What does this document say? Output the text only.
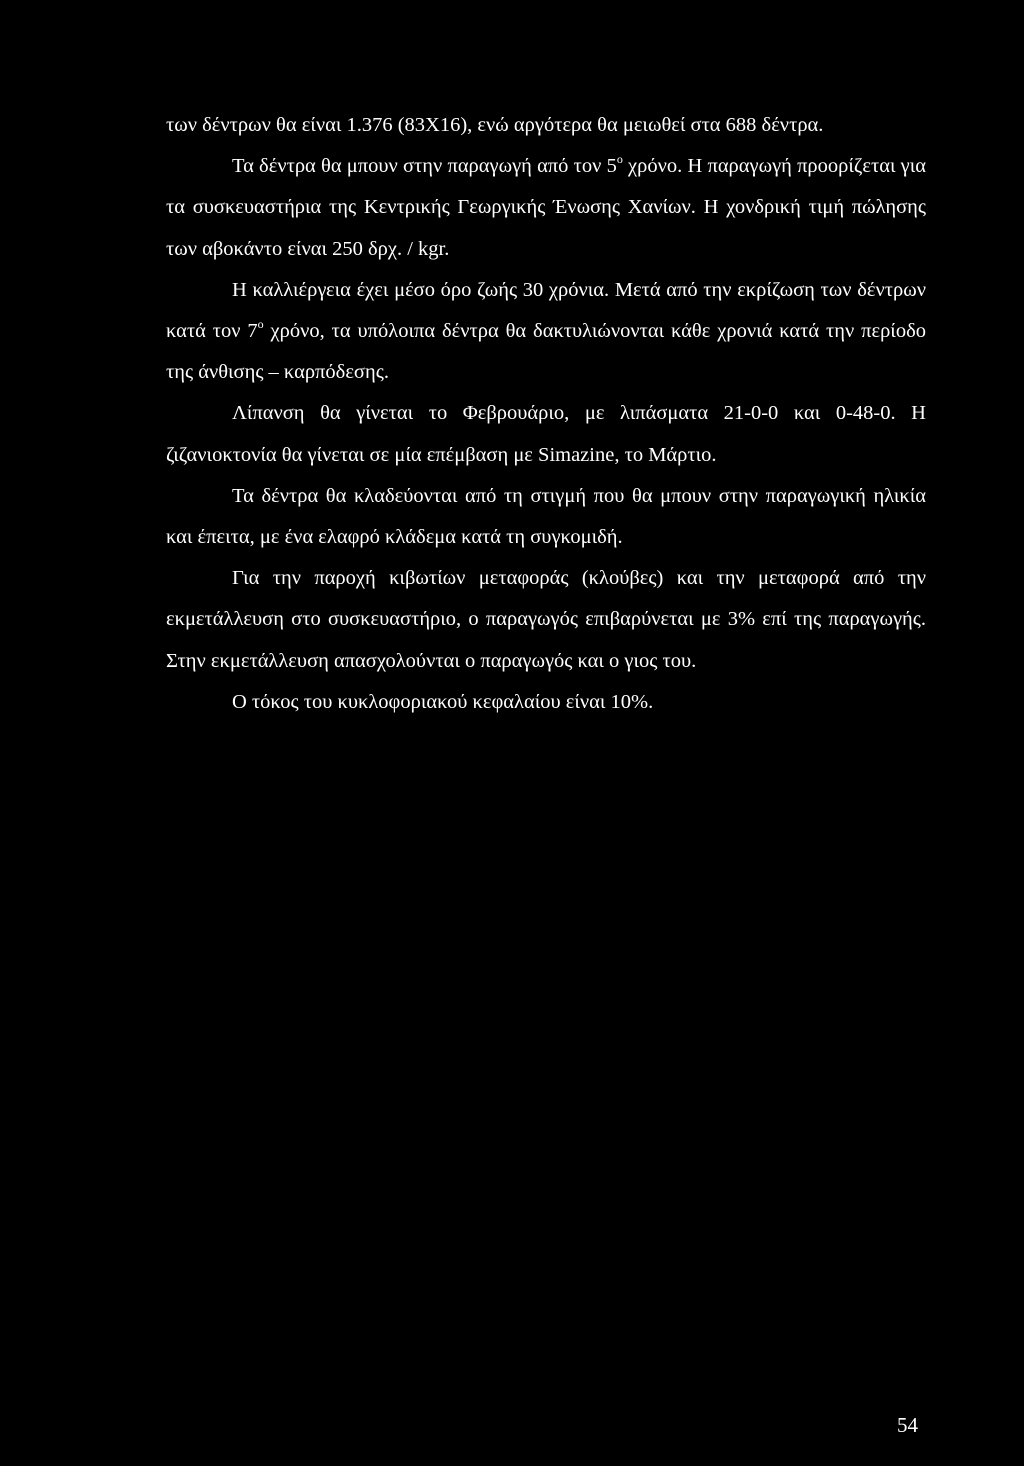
των δέντρων θα είναι 1.376 (83Χ16), ενώ αργότερα θα μειωθεί στα 688 δέντρα.

Τα δέντρα θα μπουν στην παραγωγή από τον $5^o$ χρόνο. Η παραγωγή προορίζεται για τα συσκευαστήρια της Κεντρικής Γεωργικής Ένωσης Χανίων. Η χονδρική τιμή πώλησης των αβοκάντο είναι 250 δρχ. / kgr.

Η καλλιέργεια έχει μέσο όρο ζωής 30 χρόνια. Μετά από την εκρίζωση των δέντρων κατά τον $7^o$ χρόνο, τα υπόλοιπα δέντρα θα δακτυλιώνονται κάθε χρονιά κατά την περίοδο της άνθισης – καρπόδεσης.

Λίπανση θα γίνεται το Φεβρουάριο, με λιπάσματα 21-0-0 και 0-48-0. Η ζιζανιοκτονία θα γίνεται σε μία επέμβαση με Simazine, το Μάρτιο.

Τα δέντρα θα κλαδεύονται από τη στιγμή που θα μπουν στην παραγωγική ηλικία και έπειτα, με ένα ελαφρό κλάδεμα κατά τη συγκομιδή.

Για την παροχή κιβωτίων μεταφοράς (κλούβες) και την μεταφορά από την εκμετάλλευση στο συσκευαστήριο, ο παραγωγός επιβαρύνεται με 3% επί της παραγωγής. Στην εκμετάλλευση απασχολούνται ο παραγωγός και ο γιος του.

Ο τόκος του κυκλοφοριακού κεφαλαίου είναι 10%.

54
